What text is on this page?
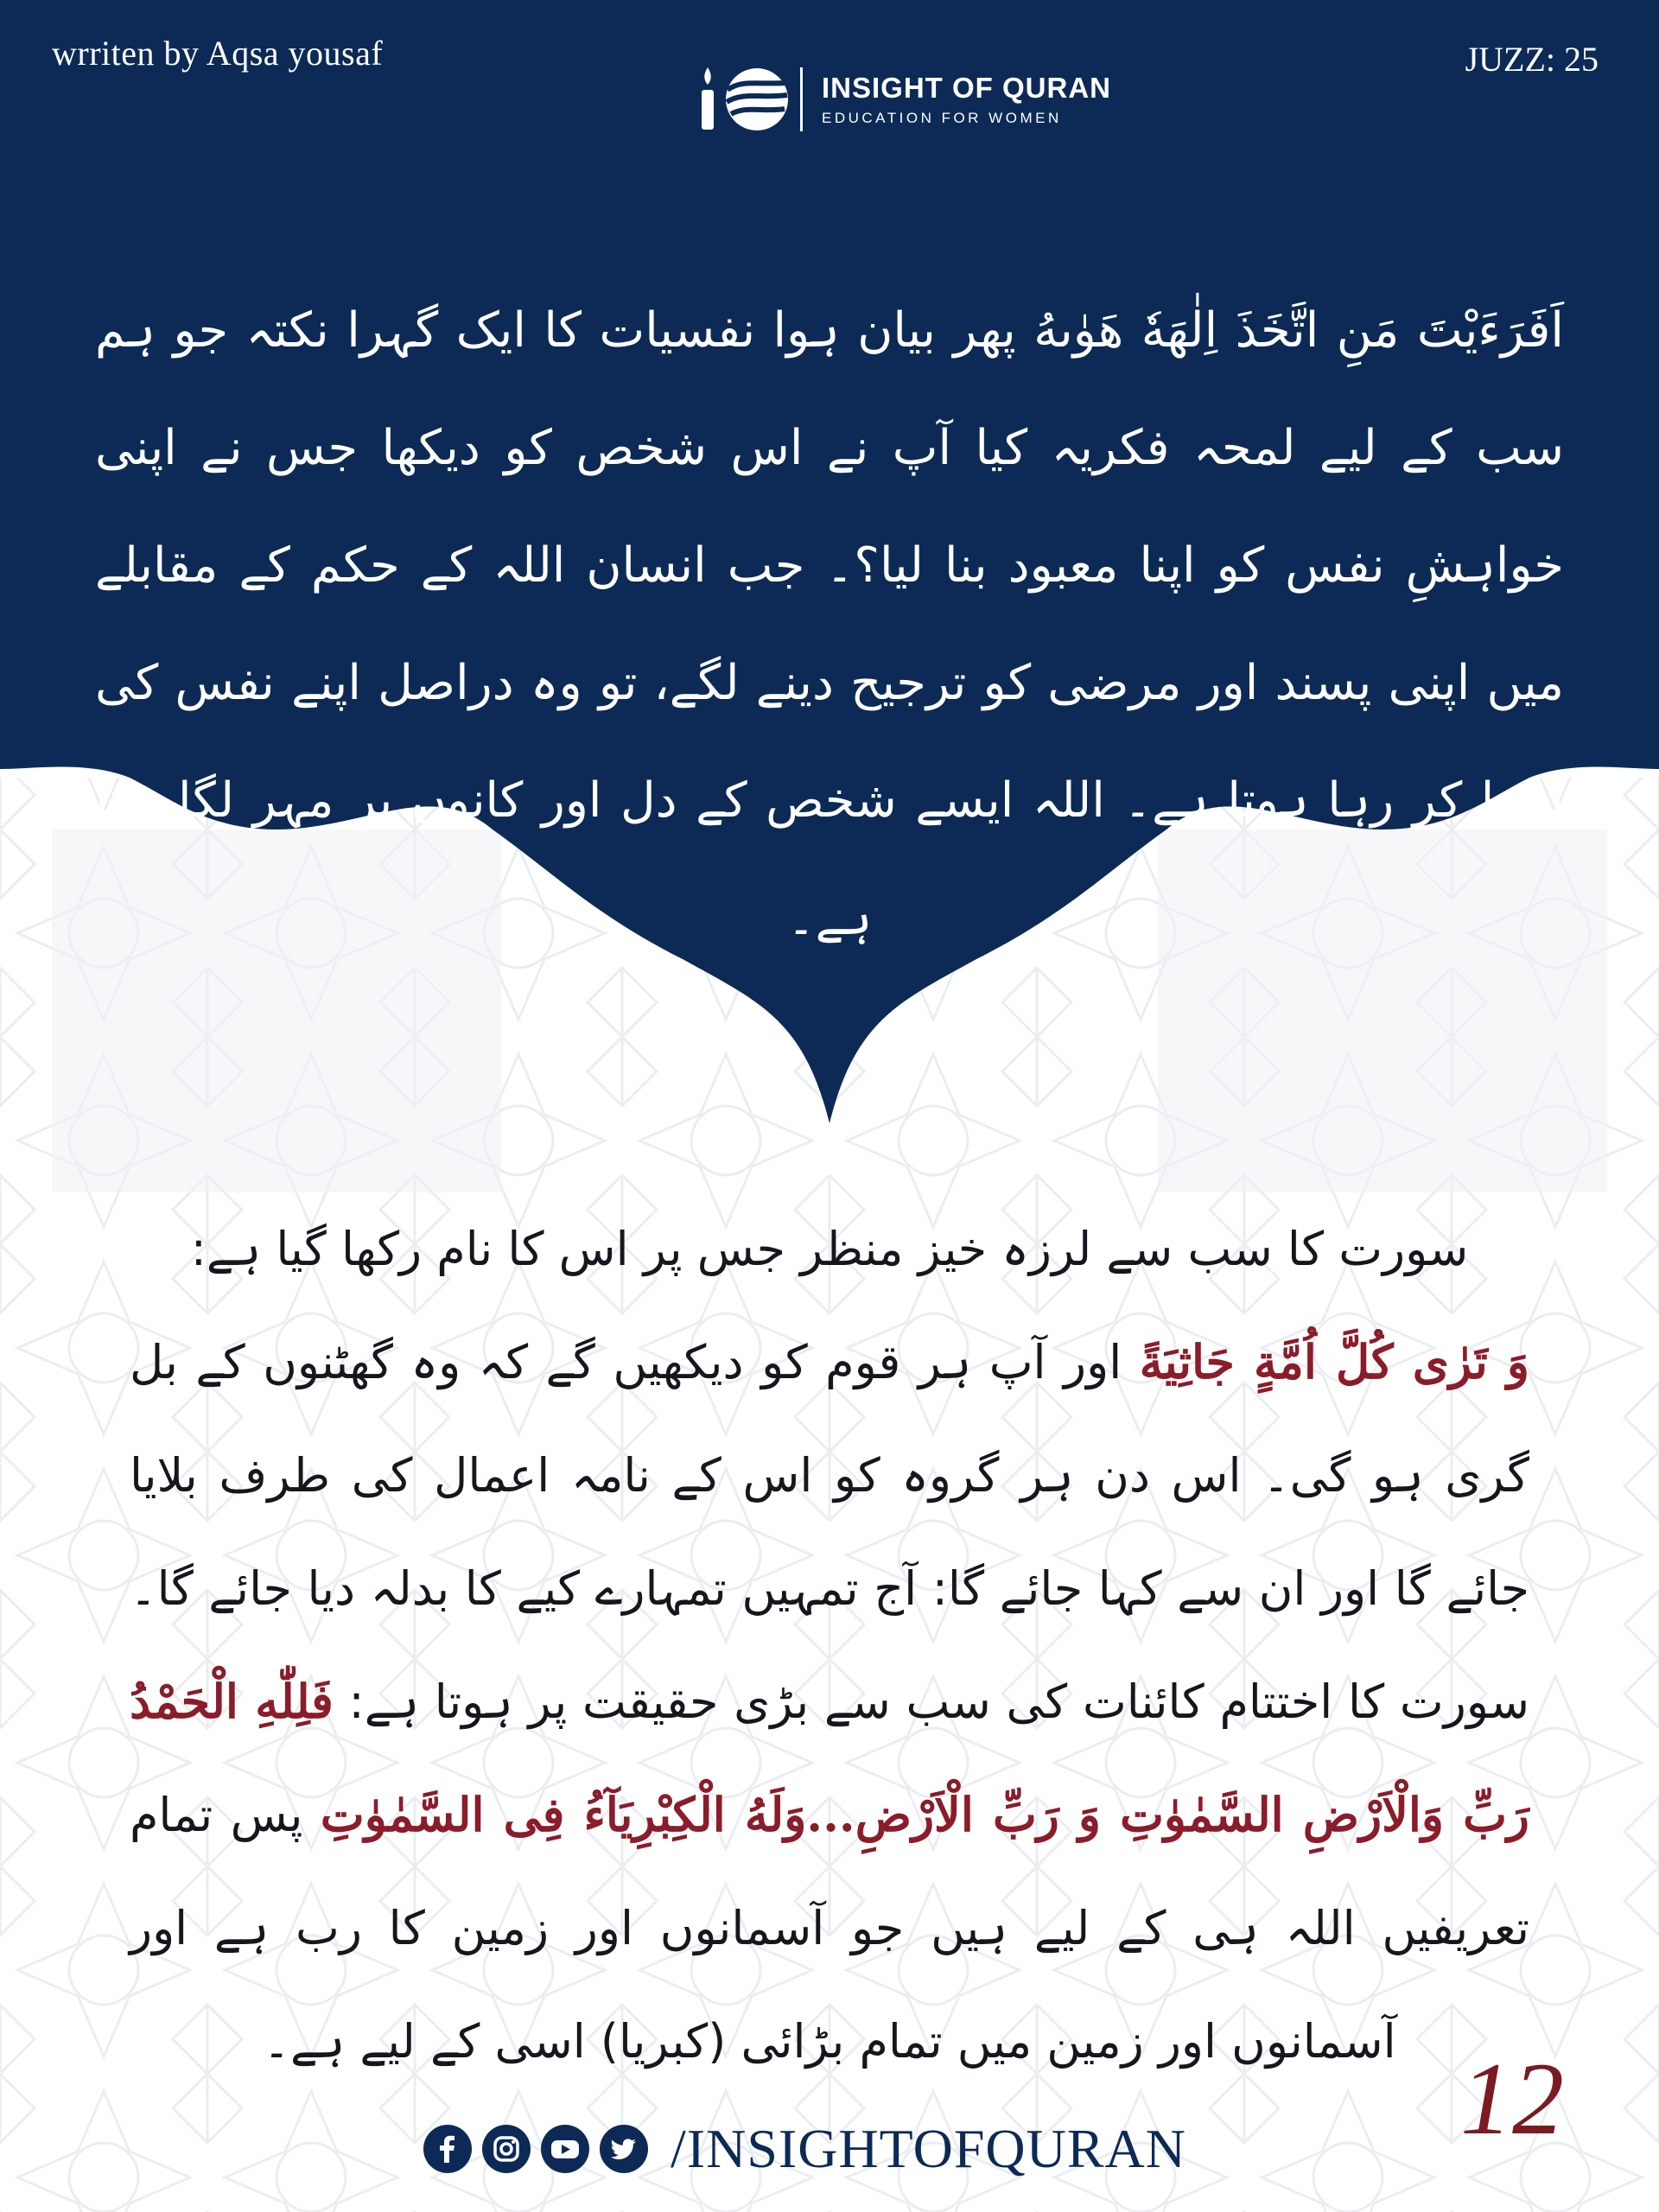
wrriten by Aqsa yousaf	JUZZ: 25
INSIGHT OF QURAN
EDUCATION FOR WOMEN
اَفَرَءَيْتَ مَنِ اتَّخَذَ اِلٰهَهٗ هَوٰىهُ پھر بیان ہوا نفسیات کا ایک گہرا نکتہ جو ہم سب کے لیے لمحہ فکریہ کیا آپ نے اس شخص کو دیکھا جس نے اپنی خواہشِ نفس کو اپنا معبود بنا لیا؟۔ جب انسان اللہ کے حکم کے مقابلے میں اپنی پسند اور مرضی کو ترجیح دینے لگے، تو وہ دراصل اپنے نفس کی پوجا کر رہا ہوتا ہے۔ اللہ ایسے شخص کے دل اور کانوں پر مہر لگا دیتا ہے۔
سورت کا سب سے لرزہ خیز منظر جس پر اس کا نام رکھا گیا ہے:
وَ تَرٰى كُلَّ اُمَّةٍ جَاثِيَةً اور آپ ہر قوم کو دیکھیں گے کہ وہ گھٹنوں کے بل گری ہو گی۔ اس دن ہر گروہ کو اس کے نامہ اعمال کی طرف بلایا جائے گا اور ان سے کہا جائے گا: آج تمہیں تمہارے کیے کا بدلہ دیا جائے گا۔ سورت کا اختتام کائنات کی سب سے بڑی حقیقت پر ہوتا ہے: فَلِلّٰهِ الْحَمْدُ رَبِّ وَالْاَرْضِ السَّمٰوٰتِ وَ رَبِّ الْاَرْضِ...وَلَهُ الْكِبْرِيَآءُ فِى السَّمٰوٰتِ پس تمام تعریفیں اللہ ہی کے لیے ہیں جو آسمانوں اور زمین کا رب ہے اور آسمانوں اور زمین میں تمام بڑائی (کبریا) اسی کے لیے ہے۔ 12
/INSIGHTOFQURAN
